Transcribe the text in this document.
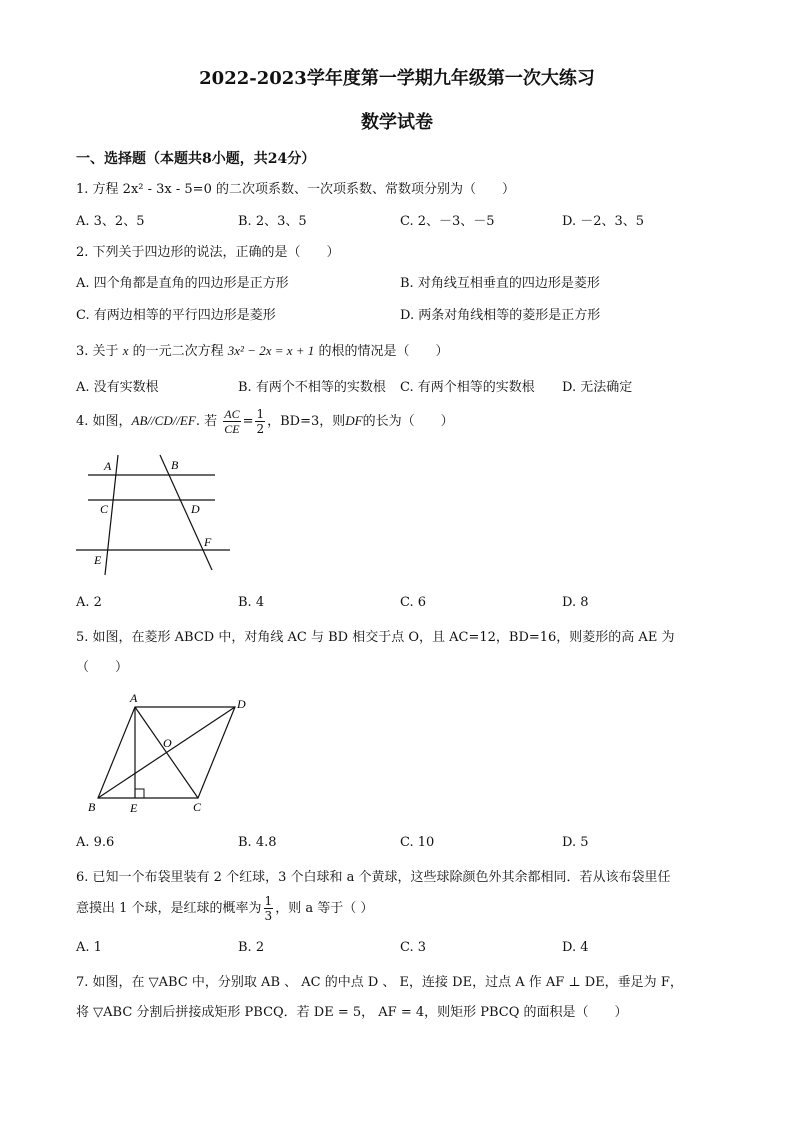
2022-2023学年度第一学期九年级第一次大练习
数学试卷
一、选择题（本题共8小题，共24分）
1. 方程 2x² - 3x - 5=0 的二次项系数、一次项系数、常数项分别为（　　）
A. 3、2、5	B. 2、3、5	C. 2、－3、－5	D. －2、3、5
2. 下列关于四边形的说法，正确的是（　　）
A. 四个角都是直角的四边形是正方形	B. 对角线互相垂直的四边形是菱形
C. 有两边相等的平行四边形是菱形	D. 两条对角线相等的菱形是正方形
3. 关于 x 的一元二次方程 3x² − 2x = x + 1 的根的情况是（　　）
A. 没有实数根	B. 有两个不相等的实数根 C. 有两个相等的实数根 D. 无法确定
4. 如图，AB//CD//EF. 若 $\frac{AC}{CE} = \frac{1}{2}$ ，BD=3，则DF的长为（　　）
A	B
C	D
E
F
A. 2	B. 4	C. 6	D. 8
5. 如图，在菱形 ABCD 中，对角线 AC 与 BD 相交于点 O，且 AC=12，BD=16，则菱形的高 AE 为
（　　）
A	D
O
B	E	C
A. 9.6	B. 4.8	C. 10	D. 5
6. 已知一个布袋里装有 2 个红球，3 个白球和 a 个黄球，这些球除颜色外其余都相同．若从该布袋里任
意摸出 1 个球，是红球的概率为 $\frac{1}{3}$ ，则 a 等于（ ）
A. 1	B. 2	C. 3	D. 4
7. 如图，在 ▽ABC 中，分别取 AB 、 AC 的中点 D 、 E，连接 DE，过点 A 作 AF ⊥ DE，垂足为 F，
将 ▽ABC 分割后拼接成矩形 PBCQ．若 DE = 5， AF = 4，则矩形 PBCQ 的面积是（　　）
